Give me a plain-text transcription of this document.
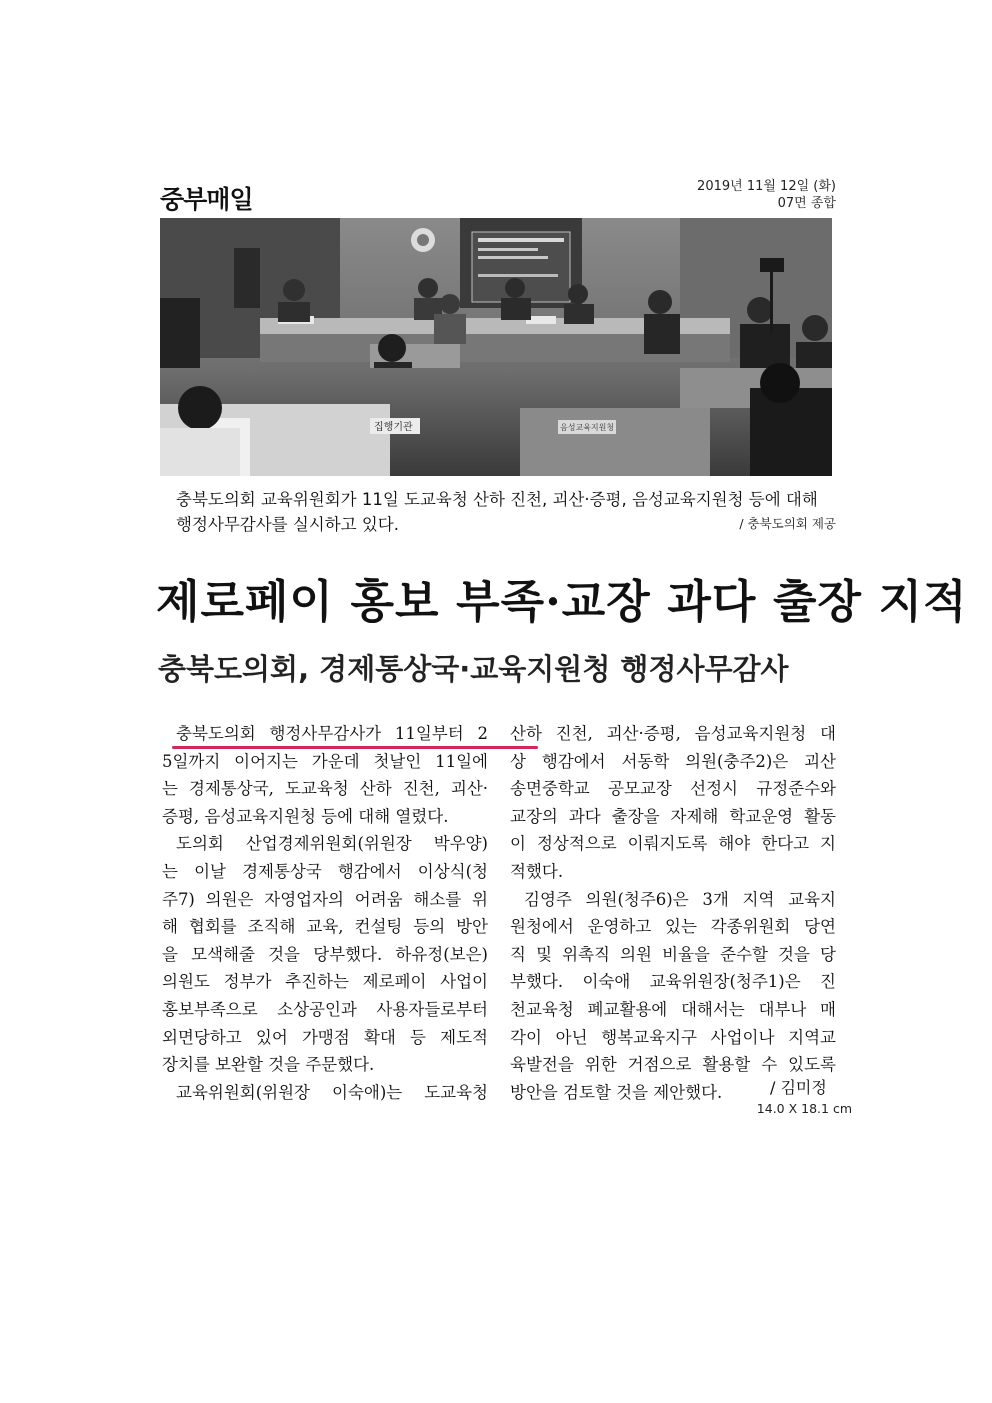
중부매일	2019년 11월 12일 (화)
07면 종합
집행기관	음성교육지원청
충북도의회 교육위원회가 11일 도교육청 산하 진천, 괴산·증평, 음성교육지원청 등에 대해 행정사무감사를 실시하고 있다.	/ 충북도의회 제공
제로페이 홍보 부족·교장 과다 출장 지적
충북도의회, 경제통상국·교육지원청 행정사무감사
충북도의회 행정사무감사가 11일부터 2
5일까지 이어지는 가운데 첫날인 11일에
는 경제통상국, 도교육청 산하 진천, 괴산·
증평, 음성교육지원청 등에 대해 열렸다.
도의회 산업경제위원회(위원장 박우양)
는 이날 경제통상국 행감에서 이상식(청
주7) 의원은 자영업자의 어려움 해소를 위
해 협회를 조직해 교육, 컨설팅 등의 방안
을 모색해줄 것을 당부했다. 하유정(보은)
의원도 정부가 추진하는 제로페이 사업이
홍보부족으로 소상공인과 사용자들로부터
외면당하고 있어 가맹점 확대 등 제도적
장치를 보완할 것을 주문했다.
교육위원회(위원장 이숙애)는 도교육청
산하 진천, 괴산·증평, 음성교육지원청 대
상 행감에서 서동학 의원(충주2)은 괴산
송면중학교 공모교장 선정시 규정준수와
교장의 과다 출장을 자제해 학교운영 활동
이 정상적으로 이뤄지도록 해야 한다고 지
적했다.
김영주 의원(청주6)은 3개 지역 교육지
원청에서 운영하고 있는 각종위원회 당연
직 및 위촉직 의원 비율을 준수할 것을 당
부했다. 이숙애 교육위원장(청주1)은 진
천교육청 폐교활용에 대해서는 대부나 매
각이 아닌 행복교육지구 사업이나 지역교
육발전을 위한 거점으로 활용할 수 있도록
방안을 검토할 것을 제안했다.	/ 김미정
14.0 X 18.1 cm
